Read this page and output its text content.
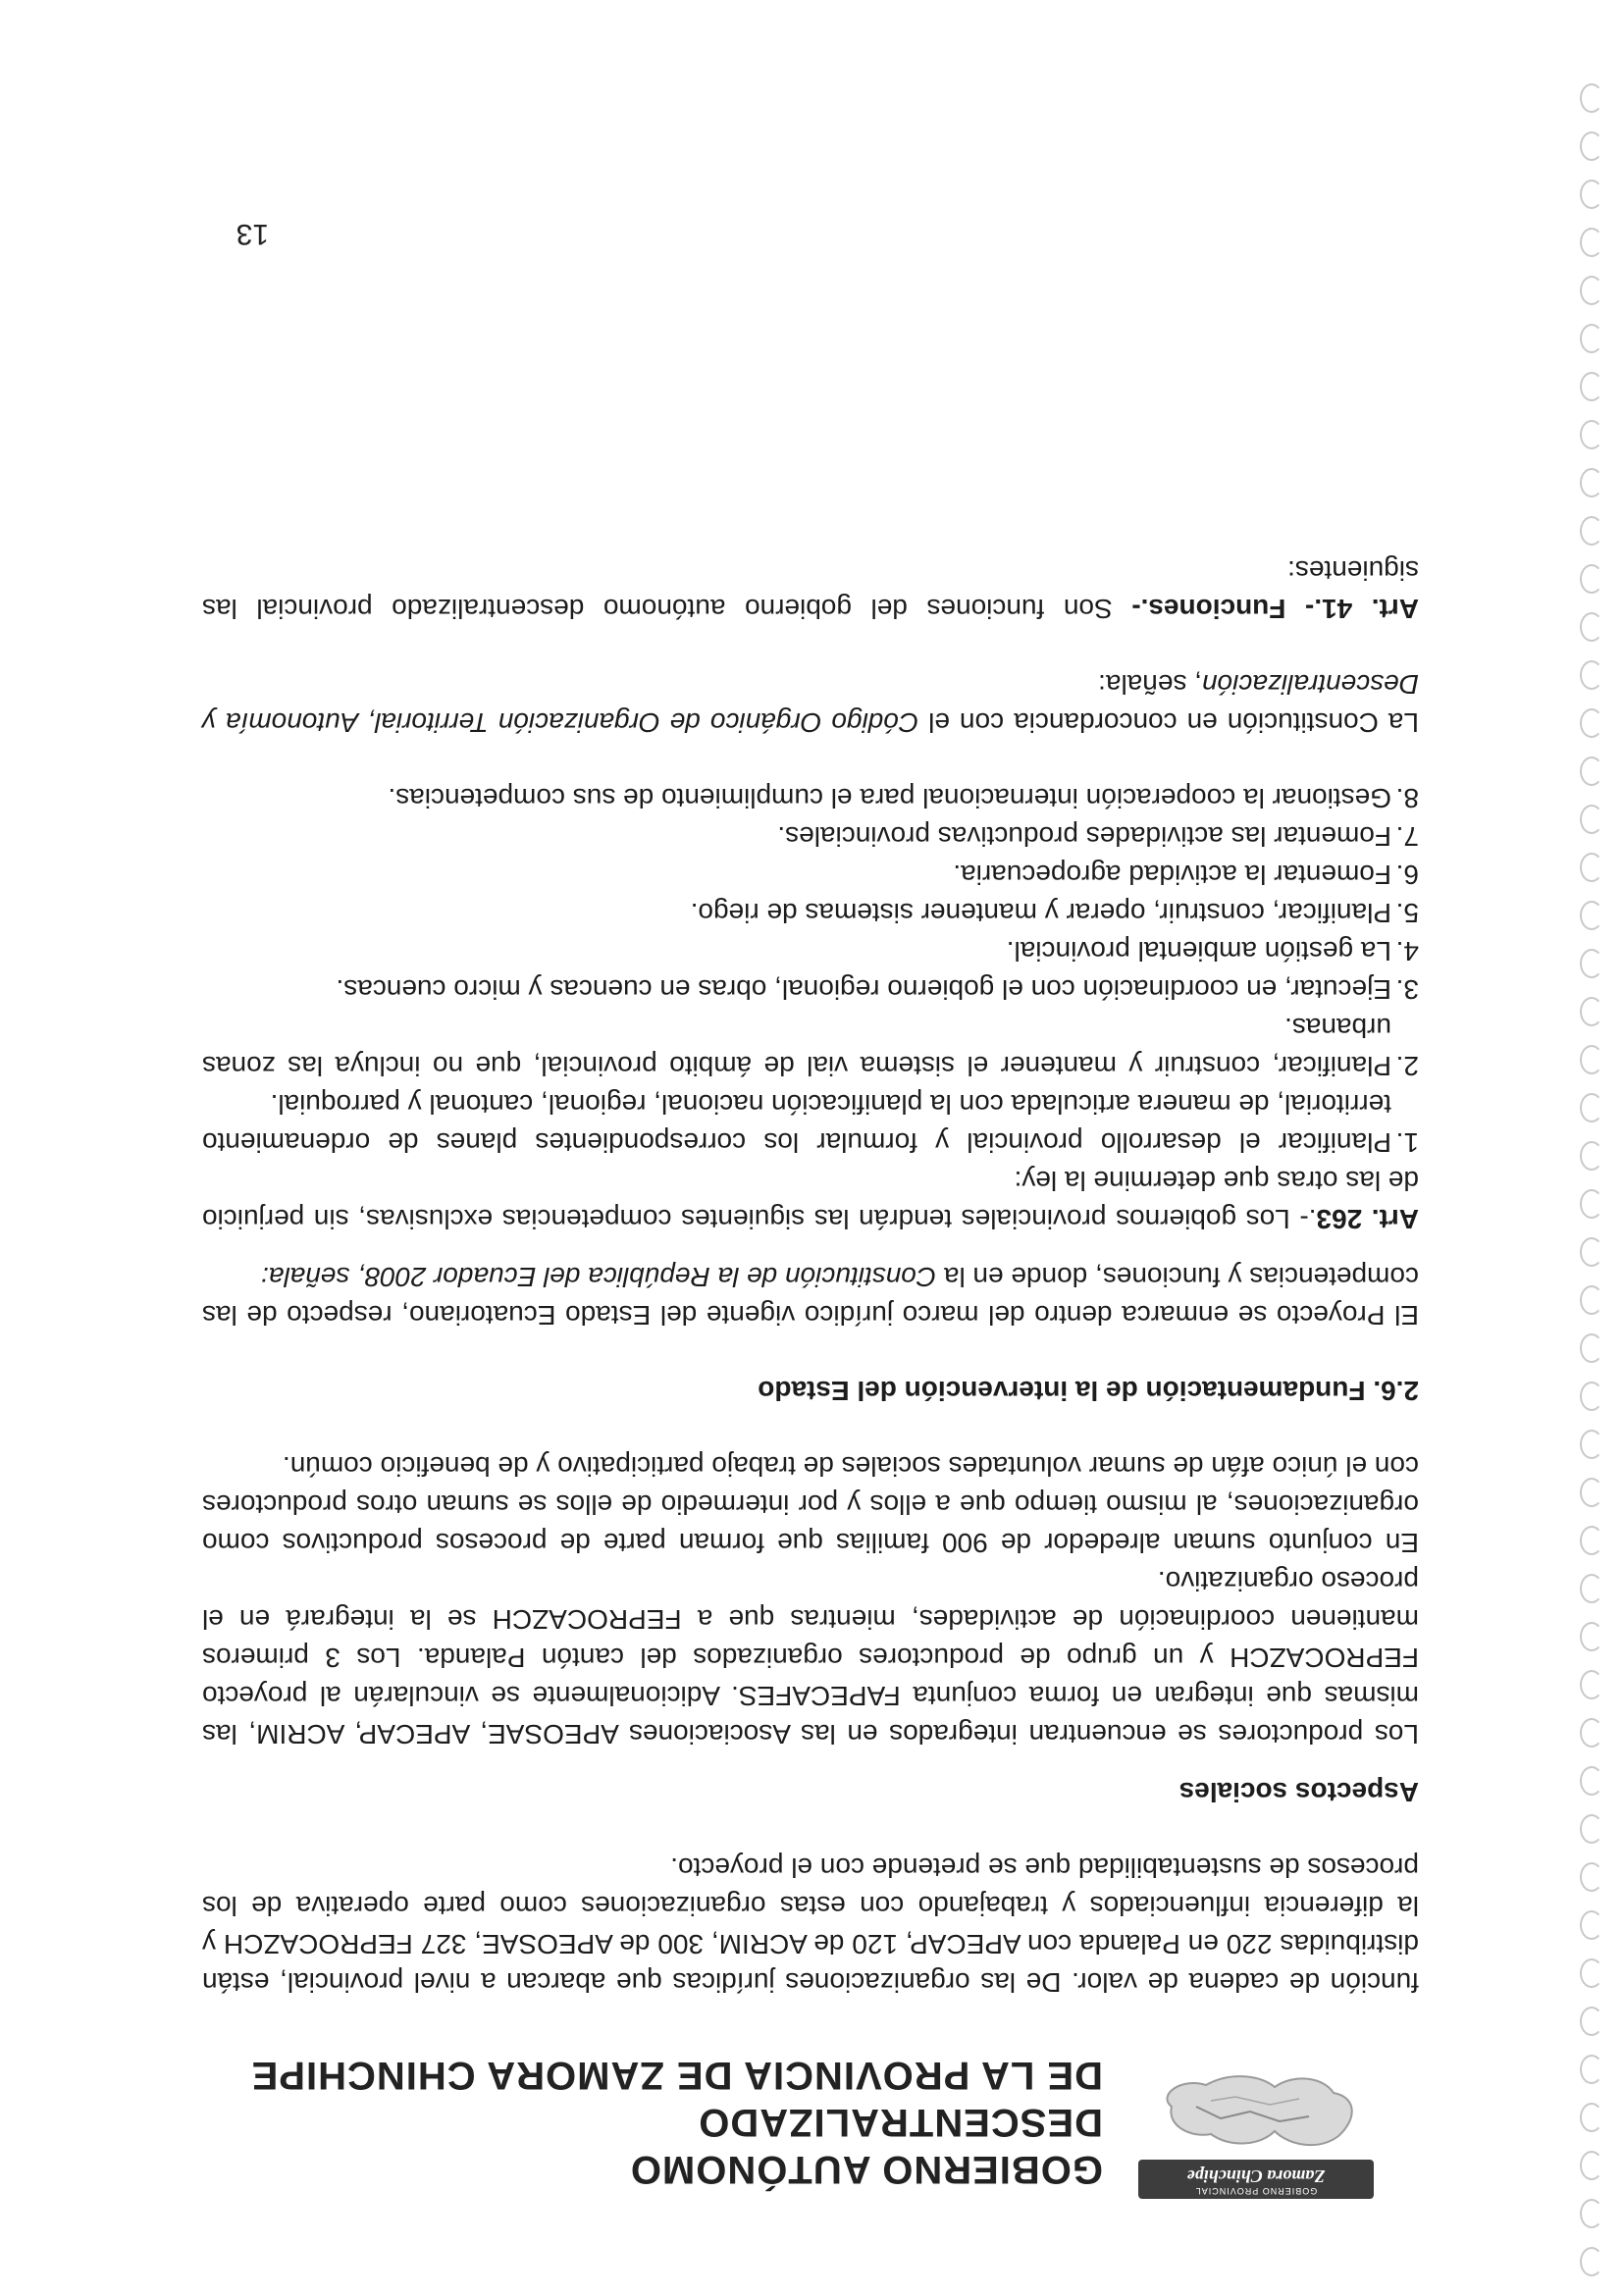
GOBIERNO PROVINCIAL
Zamora Chinchipe
GOBIERNO AUTÓNOMO DESCENTRALIZADO
DE LA PROVINCIA DE ZAMORA CHINCHIPE

función de cadena de valor. De las organizaciones jurídicas que abarcan a nivel provincial, están distribuidas 220 en Palanda con APECAP, 120 de ACRIM, 300 de APEOSAE, 327 FEPROCAZCH y la diferencia influenciados y trabajando con estas organizaciones como parte operativa de los procesos de sustentabilidad que se pretende con el proyecto.

Aspectos sociales

Los productores se encuentran integrados en las Asociaciones APEOSAE, APECAP, ACRIM, las mismas que integran en forma conjunta FAPECAFES. Adicionalmente se vincularán al proyecto FEPROCAZCH y un grupo de productores organizados del cantón Palanda. Los 3 primeros mantienen coordinación de actividades, mientras que a FEPROCAZCH se la integrará en el proceso organizativo.

En conjunto suman alrededor de 900 familias que forman parte de procesos productivos como organizaciones, al mismo tiempo que a ellos y por intermedio de ellos se suman otros productores con el único afán de sumar voluntades sociales de trabajo participativo y de beneficio común.

2.6. Fundamentación de la intervención del Estado

El Proyecto se enmarca dentro del marco jurídico vigente del Estado Ecuatoriano, respecto de las competencias y funciones, donde en la Constitución de la República del Ecuador 2008, señala:

Art. 263.- Los gobiernos provinciales tendrán las siguientes competencias exclusivas, sin perjuicio de las otras que determine la ley:

1.
Planificar el desarrollo provincial y formular los correspondientes planes de ordenamiento territorial, de manera articulada con la planificación nacional, regional, cantonal y parroquial.
2.
Planificar, construir y mantener el sistema vial de ámbito provincial, que no incluya las zonas urbanas.
3.
Ejecutar, en coordinación con el gobierno regional, obras en cuencas y micro cuencas.
4.
La gestión ambiental provincial.
5.
Planificar, construir, operar y mantener sistemas de riego.
6.
Fomentar la actividad agropecuaria.
7.
Fomentar las actividades productivas provinciales.
8.
Gestionar la cooperación internacional para el cumplimiento de sus competencias.

La Constitución en concordancia con el Código Orgánico de Organización Territorial, Autonomía y Descentralización, señala:

Art. 41.- Funciones.- Son funciones del gobierno autónomo descentralizado provincial las siguientes:

13
